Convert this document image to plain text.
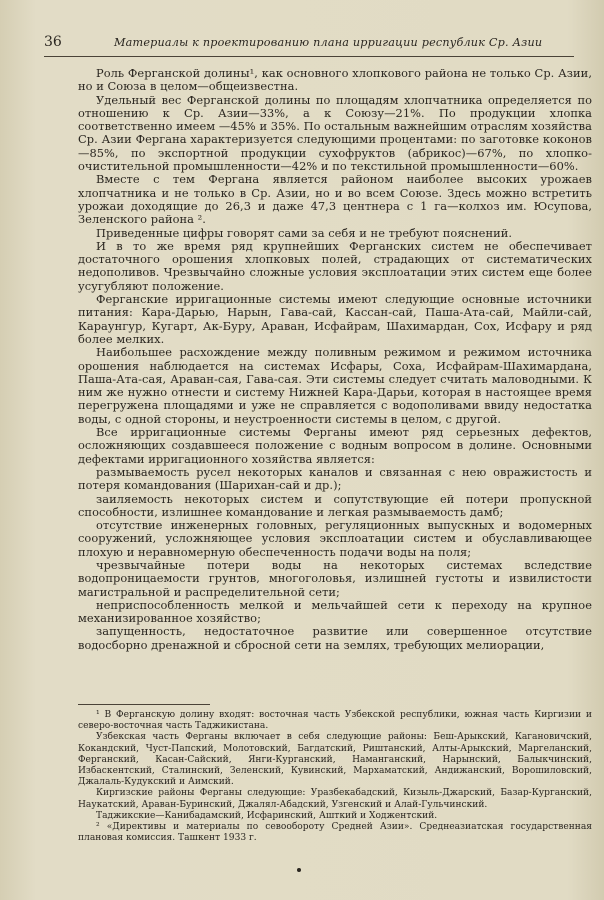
36	Материалы к проектированию плана ирригации республик Ср. Азии

Роль Ферганской долины¹, как основного хлопкового района не только Ср. Азии, но и Союза в целом—общеизвестна.

Удельный вес Ферганской долины по площадям хлопчатника определяется по отношению к Ср. Азии—33%, а к Союзу—21%. По продукции хлопка соответственно имеем —45% и 35%. По остальным важнейшим отраслям хозяйства Ср. Азии Фергана характеризуется следующими процентами: по заготовке коконов—85%, по экспортной продукции сухофруктов (абрикос)—67%, по хлопко-очистительной промышленности—42% и по текстильной промышленности—60%.

Вместе с тем Фергана является районом наиболее высоких урожаев хлопчатника и не только в Ср. Азии, но и во всем Союзе. Здесь можно встретить урожаи доходящие до 26,3 и даже 47,3 центнера с 1 га—колхоз им. Юсупова, Зеленского района ².

Приведенные цифры говорят сами за себя и не требуют пояснений.

И в то же время ряд крупнейших Ферганских систем не обеспечивает достаточного орошения хлопковых полей, страдающих от систематических недополивов. Чрезвычайно сложные условия эксплоатации этих систем еще более усугубляют положение.

Ферганские ирригационные системы имеют следующие основные источники питания: Кара-Дарью, Нарын, Гава-сай, Кассан-сай, Паша-Ата-сай, Майли-сай, Караунгур, Кугарт, Ак-Буру, Араван, Исфайрам, Шахимардан, Сох, Исфару и ряд более мелких.

Наибольшее расхождение между поливным режимом и режимом источника орошения наблюдается на системах Исфары, Соха, Исфайрам-Шахимардана, Паша-Ата-сая, Араван-сая, Гава-сая. Эти системы следует считать маловодными. К ним же нужно отнести и систему Нижней Кара-Дарьи, которая в настоящее время перегружена площадями и уже не справляется с водополивами ввиду недостатка воды, с одной стороны, и неустроенности системы в целом, с другой.

Все ирригационные системы Ферганы имеют ряд серьезных дефектов, осложняющих создавшееся положение с водным вопросом в долине. Основными дефектами ирригационного хозяйства является:

размываемость русел некоторых каналов и связанная с нею овражистость и потеря командования (Шарихан-сай и др.);

заиляемость некоторых систем и сопутствующие ей потери пропускной способности, излишнее командование и легкая размываемость дамб;

отсутствие инженерных головных, регуляционных выпускных и водомерных сооружений, усложняющее условия эксплоатации систем и обуславливающее плохую и неравномерную обеспеченность подачи воды на поля;

чрезвычайные потери воды на некоторых системах вследствие водопроницаемости грунтов, многоголовья, излишней густоты и извилистости магистральной и распределительной сети;

неприспособленность мелкой и мельчайшей сети к переходу на крупное механизированное хозяйство;

запущенность, недостаточное развитие или совершенное отсутствие водосборно дренажной и сбросной сети на землях, требующих мелиорации,

¹ В Ферганскую долину входят: восточная часть Узбекской республики, южная часть Киргизии и северо-восточная часть Таджикистана.

Узбекская часть Ферганы включает в себя следующие районы: Беш-Арыкский, Кагановичский, Кокандский, Чуст-Папский, Молотовский, Багдатский, Риштанский, Алты-Арыкский, Маргеланский, Ферганский, Касан-Сайский, Янги-Курганский, Наманганский, Нарынский, Балыкчинский, Избаскентский, Сталинский, Зеленский, Кувинский, Мархаматский, Андижанский, Ворошиловский, Джалаль-Кудукский и Аимский.

Киргизские районы Ферганы следующие: Уразбекабадский, Кизыль-Джарский, Базар-Курганский, Наукатский, Араван-Буринский, Джалял-Абадский, Узгенский и Алай-Гульчинский.

Таджикские—Канибадамский, Исфаринский, Ашткий и Ходжентский.

² «Директивы и материалы по севообороту Средней Азии». Среднеазиатская государственная плановая комиссия. Ташкент 1933 г.
